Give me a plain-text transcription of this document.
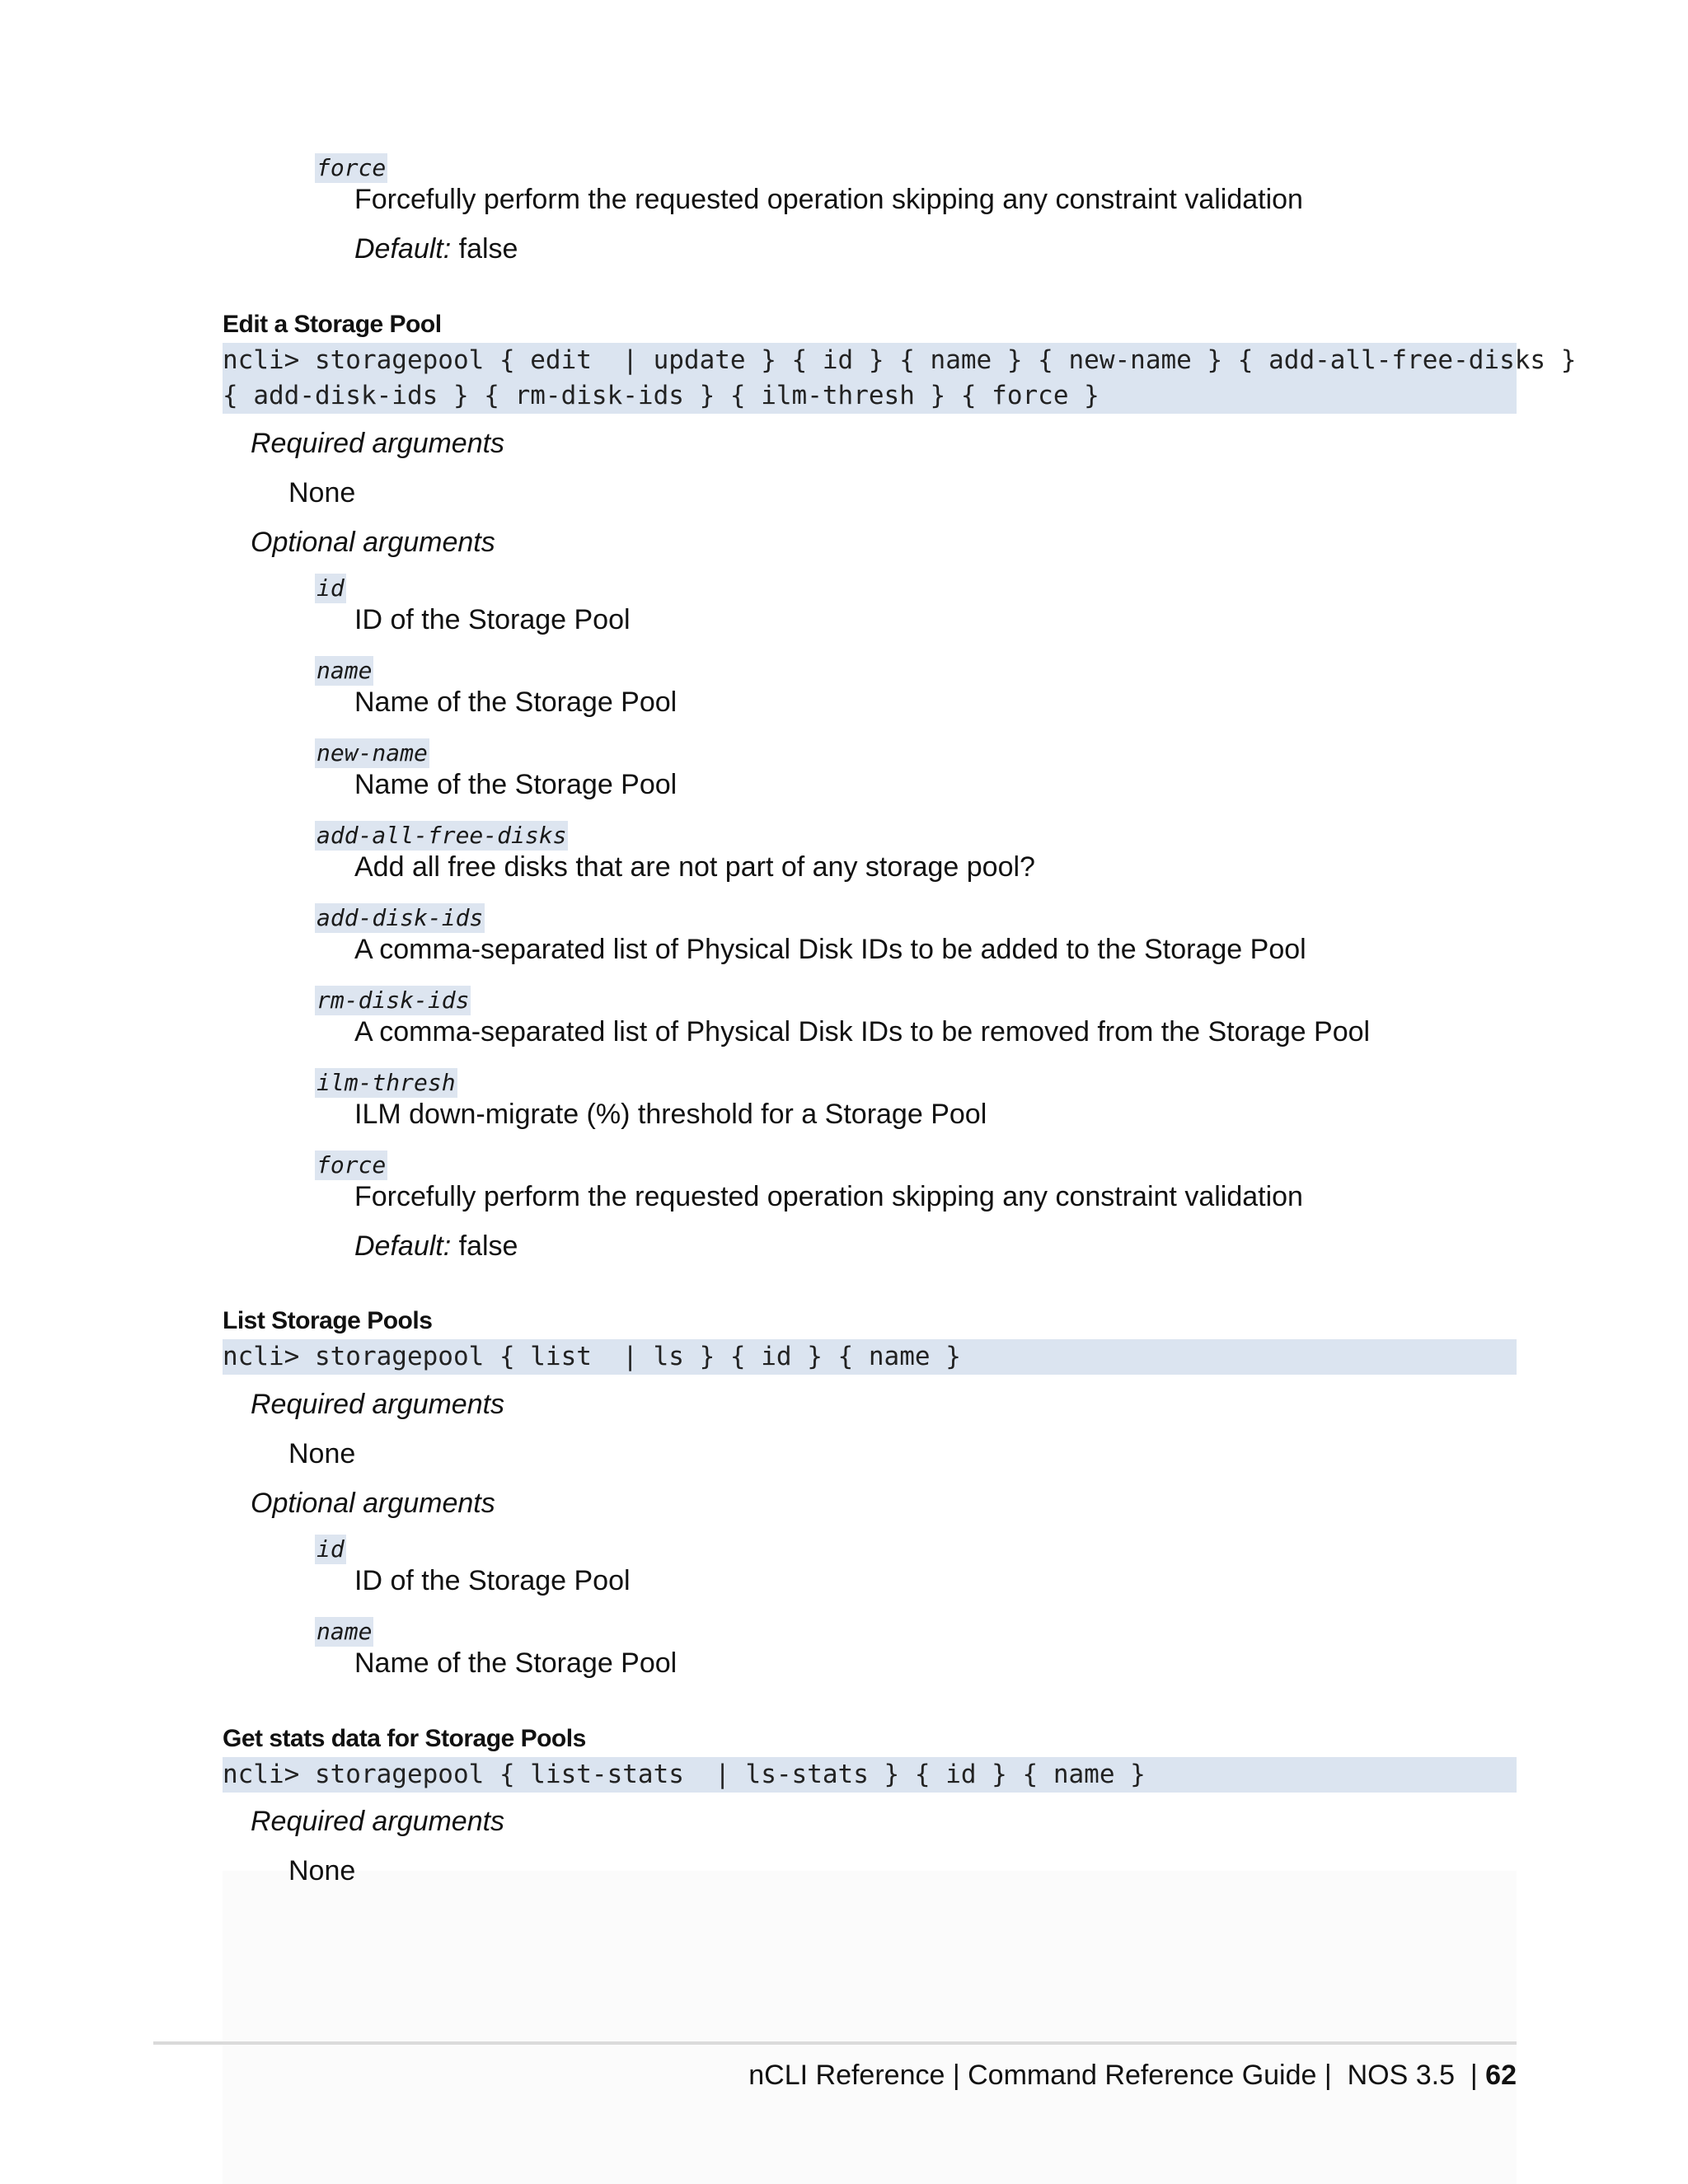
force
Forcefully perform the requested operation skipping any constraint validation
Default: false
Edit a Storage Pool
ncli> storagepool { edit  | update } { id } { name } { new-name } { add-all-free-disks }
{ add-disk-ids } { rm-disk-ids } { ilm-thresh } { force }
Required arguments
None
Optional arguments
id
ID of the Storage Pool
name
Name of the Storage Pool
new-name
Name of the Storage Pool
add-all-free-disks
Add all free disks that are not part of any storage pool?
add-disk-ids
A comma-separated list of Physical Disk IDs to be added to the Storage Pool
rm-disk-ids
A comma-separated list of Physical Disk IDs to be removed from the Storage Pool
ilm-thresh
ILM down-migrate (%) threshold for a Storage Pool
force
Forcefully perform the requested operation skipping any constraint validation
Default: false
List Storage Pools
ncli> storagepool { list  | ls } { id } { name }
Required arguments
None
Optional arguments
id
ID of the Storage Pool
name
Name of the Storage Pool
Get stats data for Storage Pools
ncli> storagepool { list-stats  | ls-stats } { id } { name }
Required arguments
None
nCLI Reference | Command Reference Guide |  NOS 3.5  | 62
